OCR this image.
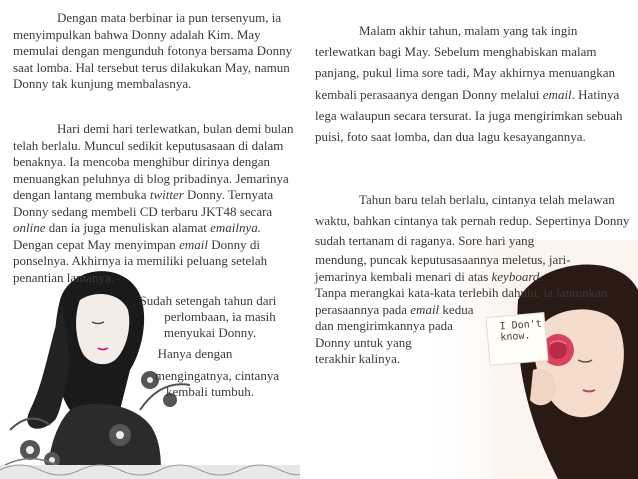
I Don't
know.

Dengan mata berbinar ia pun tersenyum, ia menyimpulkan bahwa Donny adalah Kim. May memulai dengan mengunduh fotonya bersama Donny saat lomba. Hal tersebut terus dilakukan May, namun Donny tak kunjung membalasnya.

Hari demi hari terlewatkan, bulan demi bulan telah berlalu. Muncul sedikit keputusasaan di dalam benaknya. Ia mencoba menghibur dirinya dengan menuangkan peluhnya di blog pribadinya. Jemarinya dengan lantang membuka twitter Donny. Ternyata Donny sedang membeli CD terbaru JKT48 secara online dan ia juga menuliskan alamat emailnya. Dengan cepat May menyimpan email Donny di ponselnya. Akhirnya ia memiliki peluang setelah penantian lamanya.

Sudah setengah tahun dari
perlombaan, ia masih
menyukai Donny.
Hanya dengan
mengingatnya, cintanya
kembali tumbuh.

Malam akhir tahun, malam yang tak ingin terlewatkan bagi May. Sebelum menghabiskan malam panjang, pukul lima sore tadi, May akhirnya menuangkan kembali perasaanya dengan Donny melalui email. Hatinya lega walaupun secara tersurat. Ia juga mengirimkan sebuah puisi, foto saat lomba, dan dua lagu kesayangannya.

Tahun baru telah berlalu, cintanya telah melawan waktu, bahkan cintanya tak pernah redup. Sepertinya Donny sudah tertanam di raganya. Sore hari yang

mendung, puncak keputusasaannya meletus, jari-jemarinya kembali menari di atas keyboard.

Tanpa merangkai kata-kata terlebih dahulu, ia lantunkan perasaannya pada email kedua

dan mengirimkannya pada

Donny untuk yang

terakhir kalinya.
